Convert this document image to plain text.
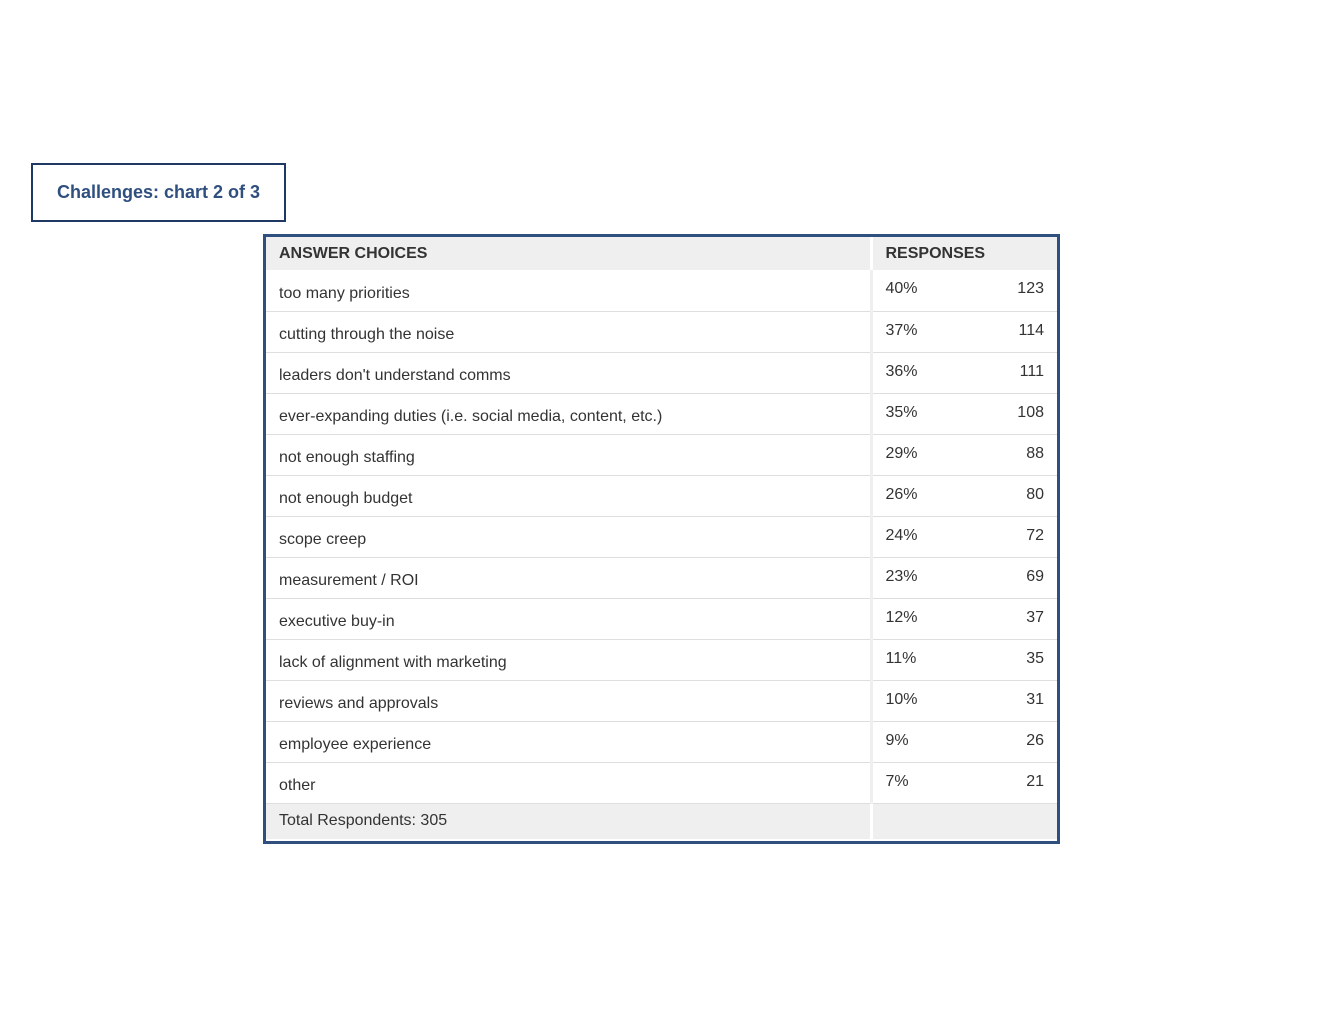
Challenges: chart 2 of 3
ANSWER CHOICES	RESPONSES	
too many priorities	40%	123
cutting through the noise	37%	114
leaders don't understand comms	36%	111
ever-expanding duties (i.e. social media, content, etc.)	35%	108
not enough staffing	29%	88
not enough budget	26%	80
scope creep	24%	72
measurement / ROI	23%	69
executive buy-in	12%	37
lack of alignment with marketing	11%	35
reviews and approvals	10%	31
employee experience	9%	26
other	7%	21
Total Respondents: 305		
